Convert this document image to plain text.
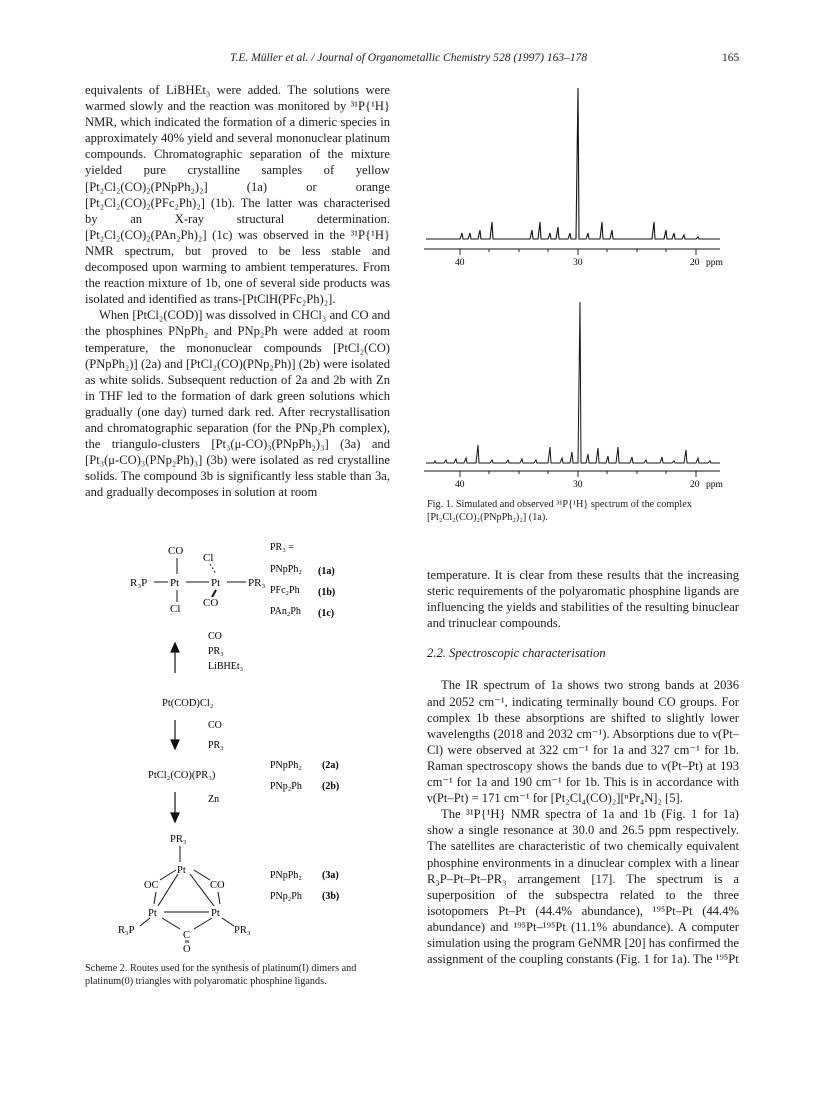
T.E. Müller et al. / Journal of Organometallic Chemistry 528 (1997) 163–178	165

equivalents of LiBHEt₃ were added. The solutions were warmed slowly and the reaction was monitored by ³¹P{¹H} NMR, which indicated the formation of a dimeric species in approximately 40% yield and several mononuclear platinum compounds. Chromatographic separation of the mixture yielded pure crystalline samples of yellow [Pt₂Cl₂(CO)₂(PNpPh₂)₂] (1a) or orange [Pt₂Cl₂(CO)₂(PFc₂Ph)₂] (1b). The latter was characterised by an X-ray structural determination. [Pt₂Cl₂(CO)₂(PAn₂Ph)₂] (1c) was observed in the ³¹P{¹H} NMR spectrum, but proved to be less stable and decomposed upon warming to ambient temperatures. From the reaction mixture of 1b, one of several side products was isolated and identified as trans-[PtClH(PFc₂Ph)₂].

When [PtCl₂(COD)] was dissolved in CHCl₃ and CO and the phosphines PNpPh₂ and PNp₂Ph were added at room temperature, the mononuclear compounds [PtCl₂(CO)(PNpPh₂)] (2a) and [PtCl₂(CO)(PNp₂Ph)] (2b) were isolated as white solids. Subsequent reduction of 2a and 2b with Zn in THF led to the formation of dark green solutions which gradually (one day) turned dark red. After recrystallisation and chromatographic separation (for the PNp₂Ph complex), the triangulo-clusters [Pt₃(μ-CO)₃(PNpPh₂)₃] (3a) and [Pt₃(μ-CO)₃(PNp₂Ph)₃] (3b) were isolated as red crystalline solids. The compound 3b is significantly less stable than 3a, and gradually decomposes in solution at room

40	30	20 ppm
40	30	20 ppm
Fig. 1. Simulated and observed ³¹P{¹H} spectrum of the complex [Pt₂Cl₂(CO)₂(PNpPh₂)₂] (1a).
CO
Cl
R₃P Pt	Pt	PR₃
Cl CO
PR₃ =
PNpPh₂ (1a)
PFc₂Ph (1b)
PAn₂Ph (1c)
CO
PR₃
LiBHEt₃
Pt(COD)Cl₂
CO
PR₃
PtCl₂(CO)(PR₃)
PNpPh₂ (2a)
PNp₂Ph (2b)
Zn
PR₃
Pt
OC	CO
Pt	Pt
C
O
R₃P	PR₃
PNpPh₂ (3a)
PNp₂Ph (3b)
Scheme 2. Routes used for the synthesis of platinum(I) dimers and platinum(0) triangles with polyaromatic phosphine ligands.

temperature. It is clear from these results that the increasing steric requirements of the polyaromatic phosphine ligands are influencing the yields and stabilities of the resulting binuclear and trinuclear compounds.

2.2. Spectroscopic characterisation

The IR spectrum of 1a shows two strong bands at 2036 and 2052 cm⁻¹, indicating terminally bound CO groups. For complex 1b these absorptions are shifted to slightly lower wavelengths (2018 and 2032 cm⁻¹). Absorptions due to ν(Pt–Cl) were observed at 322 cm⁻¹ for 1a and 327 cm⁻¹ for 1b. Raman spectroscopy shows the bands due to ν(Pt–Pt) at 193 cm⁻¹ for 1a and 190 cm⁻¹ for 1b. This is in accordance with ν(Pt–Pt) = 171 cm⁻¹ for [Pt₂Cl₄(CO)₂][ⁿPr₄N]₂ [5].

The ³¹P{¹H} NMR spectra of 1a and 1b (Fig. 1 for 1a) show a single resonance at 30.0 and 26.5 ppm respectively. The satellites are characteristic of two chemically equivalent phosphine environments in a dinuclear complex with a linear R₃P–Pt–Pt–PR₃ arrangement [17]. The spectrum is a superposition of the subspectra related to the three isotopomers Pt–Pt (44.4% abundance), ¹⁹⁵Pt–Pt (44.4% abundance) and ¹⁹⁵Pt–¹⁹⁵Pt (11.1% abundance). A computer simulation using the program GeNMR [20] has confirmed the assignment of the coupling constants (Fig. 1 for 1a). The ¹⁹⁵Pt
